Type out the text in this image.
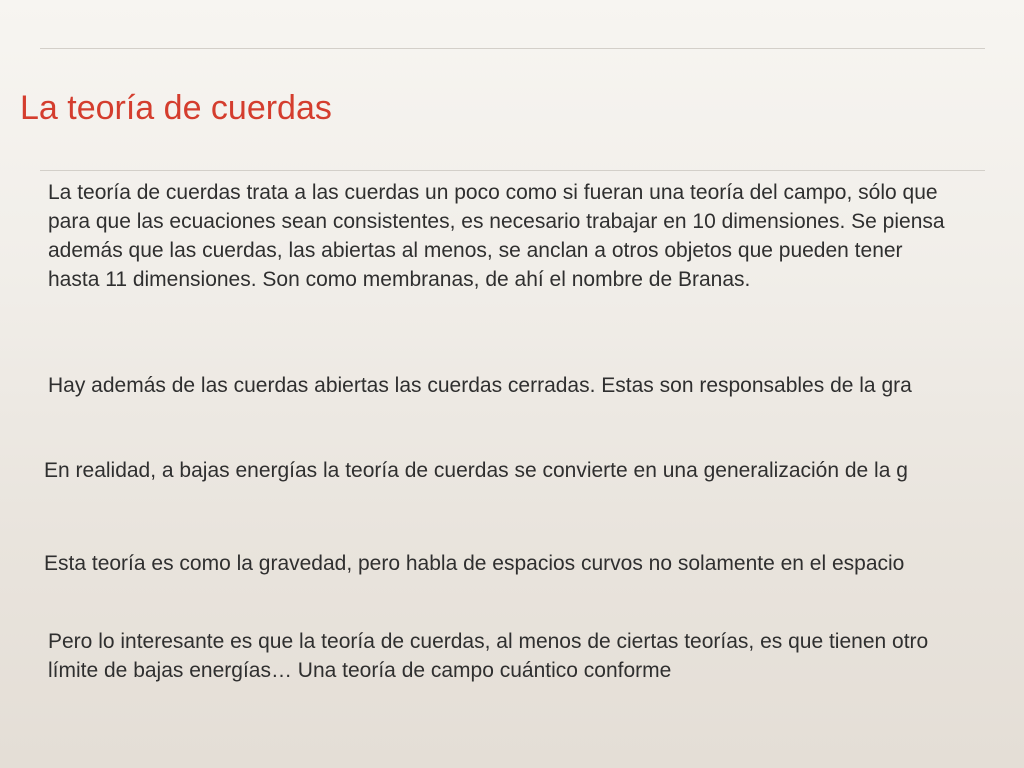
La teoría de cuerdas

La teoría de cuerdas trata a las cuerdas un poco como si fueran una teoría del campo, sólo que para que las ecuaciones sean consistentes, es necesario trabajar en 10 dimensiones. Se piensa además que las cuerdas, las abiertas al menos, se anclan a otros objetos que pueden tener hasta 11 dimensiones. Son como membranas, de ahí el nombre de Branas.

Hay además de las cuerdas abiertas las cuerdas cerradas. Estas son responsables de la gra

En realidad, a bajas energías la teoría de cuerdas se convierte en una generalización de la g

Esta teoría es como la gravedad, pero habla de espacios curvos no solamente en el espacio

Pero lo interesante es que la teoría de cuerdas, al menos de ciertas teorías, es que tienen otro límite de bajas energías… Una teoría de campo cuántico conforme
